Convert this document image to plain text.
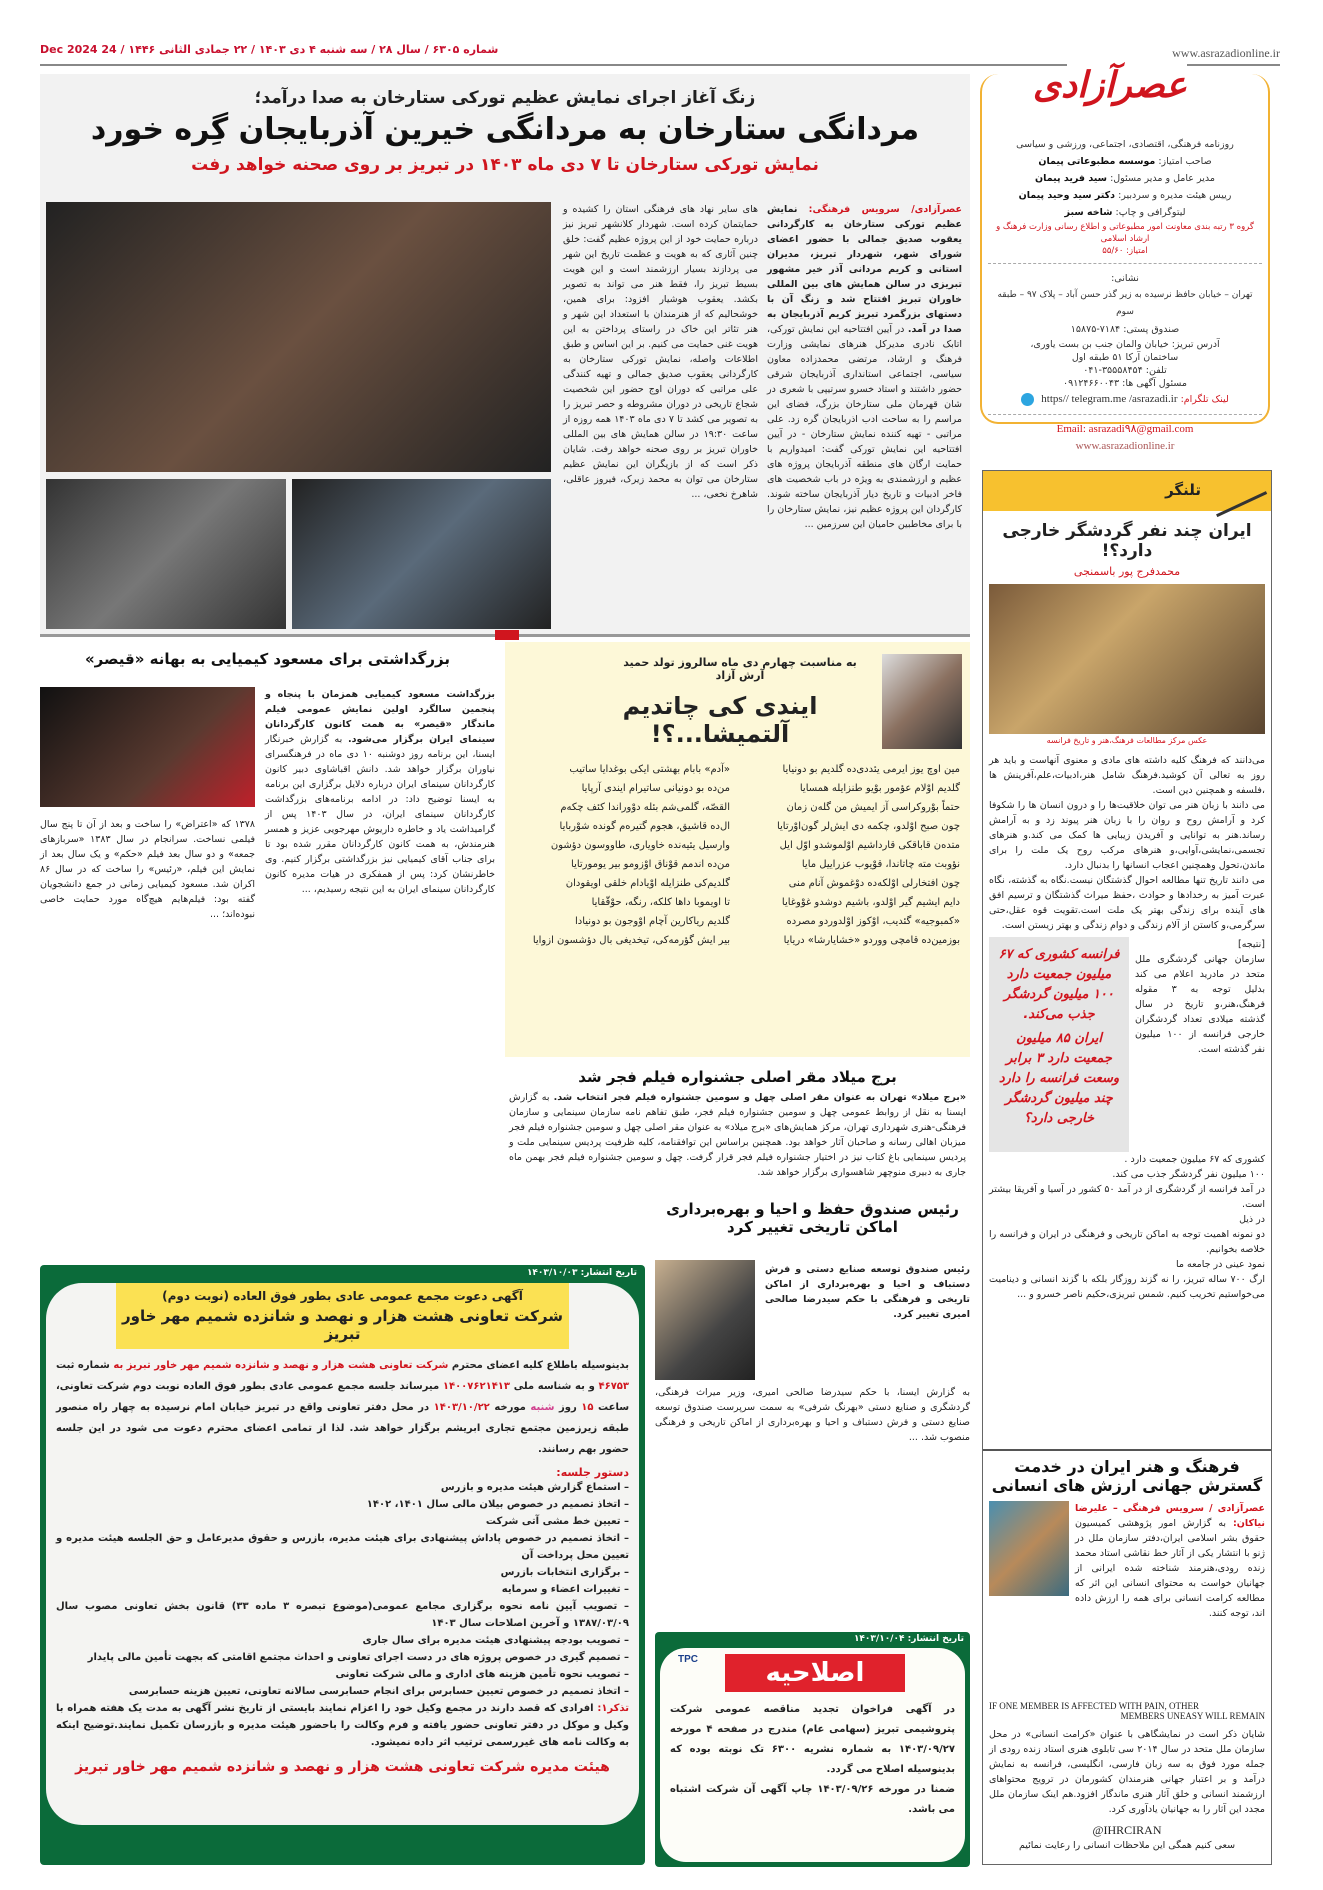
www.asrazadionline.ir
شماره ۶۳۰۵ / سال ۲۸ / سه شنبه ۴ دی ۱۴۰۳ / ۲۲ جمادی الثانی ۱۴۴۶ / 24 Dec 2024
عصرآزادی
روزنامه فرهنگی، اقتصادی، اجتماعی، ورزشی و سیاسی
صاحب امتیاز: موسسه مطبوعاتی پیمان
مدیر عامل و مدیر مسئول: سید فرید پیمان
رییس هیئت مدیره و سردبیر: دکتر سید وحید پیمان
لیتوگرافی و چاپ: شاخه سبز
گروه ۳ رتبه بندی معاونت امور مطبوعاتی و اطلاع رسانی وزارت فرهنگ و ارشاد اسلامی
امتیاز: ۵۵/۶۰
نشانی:
تهران – خیابان حافظ نرسیده به زیر گذر حسن آباد – پلاک ۹۷ – طبقه سوم
صندوق پستی: ۷۱۸۴-۱۵۸۷۵
آدرس تبریز: خیابان والمان جنب بن بست یاوری،
ساختمان آرکا ۵۱ طبقه اول
تلفن: ۳۵۵۵۸۴۵۴-۰۴۱
مسئول آگهی ها: ۰۹۱۲۴۶۶۰۰۴۳
لینک تلگرام: https// telegram.me /asrazadi.ir
Email: asrazadi۹۸@gmail.com
www.asrazadionline.ir
تلنگر
ایران چند نفر گردشگر خارجی دارد؟!
محمدفرج پور باسمنجی
عکس مرکز مطالعات فرهنگ،هنر و تاریخ فرانسه

می‌دانند که فرهنگ کلیه داشته های مادی و معنوی آنهاست و باید هر روز به تعالی آن کوشید.فرهنگ شامل هنر،ادبیات،علم،آفرینش ها ،فلسفه و همچنین دین است.

می دانند با زبان هنر می توان خلاقیت‌ها را و درون انسان ها را شکوفا کرد و آرامش روح و روان را با زبان هنر پیوند زد و به آرامش رساند.هنر به توانایی و آفریدن زیبایی ها کمک می کند.و هنرهای تجسمی،نمایشی،آوایی،و هنرهای مرکب روح یک ملت را برای ماندن،تحول وهمچنین اعجاب انسانها را بدنبال دارد.

می دانند تاریخ تنها مطالعه احوال گذشتگان نیست.نگاه به گذشته، نگاه عبرت آمیز به رخدادها و حوادث ،حفظ میراث گذشتگان و ترسیم افق های آینده برای زندگی بهتر یک ملت است.تقویت قوه عقل،حتی سرگرمی،و کاستن از آلام زندگی و دوام زندگی و بهتر زیستن است.

[نتیجه]

سازمان جهانی گردشگری ملل متحد در مادرید اعلام می کند بدلیل توجه به ۳ مقوله فرهنگ،هنر،و تاریخ در سال گذشته میلادی تعداد گردشگران خارجی فرانسه از ۱۰۰ میلیون نفر گذشته است.

فرانسه کشوری که ۶۷ میلیون جمعیت دارد ۱۰۰ میلیون گردشگر جذب می‌کند.
ایران ۸۵ میلیون جمعیت دارد ۳ برابر وسعت فرانسه را دارد چند میلیون گردشگر خارجی دارد؟

کشوری که ۶۷ میلیون جمعیت دارد .

۱۰۰ میلیون نفر گردشگر جذب می کند.

در آمد فرانسه از گردشگری از در آمد ۵۰ کشور در آسیا و آفریقا بیشتر است.

در ذیل

دو نمونه اهمیت توجه به اماکن تاریخی و فرهنگی در ایران و فرانسه را خلاصه بخوانیم.

نمود عینی در جامعه ما

ارگ ۷۰۰ ساله تبریز، را نه گزند روزگار بلکه با گزند انسانی و دینامیت می‌خواستیم تخریب کنیم. شمس تبریزی،حکیم ناصر خسرو و ...

فرهنگ و هنر ایران در خدمت گسترش جهانی ارزش های انسانی
عصرآزادی / سرویس فرهنگی – علیرضا نیاکان: به گزارش امور پژوهشی کمیسیون حقوق بشر اسلامی ایران،دفتر سازمان ملل در ژنو با انتشار یکی از آثار خط نقاشی استاد محمد زنده رودی،هنرمند شناخته شده ایرانی از جهانیان خواست به محتوای انسانی این اثر که مطالعه کرامت انسانی برای همه را ارزش داده اند، توجه کنند.
IF ONE MEMBER IS AFFECTED WITH PAIN, OTHER
MEMBERS UNEASY WILL REMAIN
شایان ذکر است در نمایشگاهی با عنوان «کرامت انسانی» در محل سازمان ملل متحد در سال ۲۰۱۴ سی تابلوی هنری استاد زنده رودی از جمله مورد فوق به سه زبان فارسی، انگلیسی، فرانسه به نمایش درآمد و بر اعتبار جهانی هنرمندان کشورمان در ترویج محتواهای ارزشمند انسانی و خلق آثار هنری ماندگار افزود.هم اینک سازمان ملل مجدد این آثار را به جهانیان یادآوری کرد.
IHRCIRAN@
سعی کنیم همگی این ملاحظات انسانی را رعایت نمائیم
زنگ آغاز اجرای نمایش عظیم تورکی ستارخان به صدا درآمد؛
مردانگی ستارخان به مردانگی خیرین آذربایجان گِره خورد
نمایش تورکی ستارخان تا ۷ دی ماه ۱۴۰۳ در تبریز بر روی صحنه خواهد رفت
عصرآزادی/ سرویس فرهنگی: نمایش عظیم تورکی ستارخان به کارگردانی یعقوب صدیق جمالی با حضور اعضای شورای شهر، شهردار تبریز، مدیران استانی و کریم مردانی آذر خیر مشهور تبریزی در سالن همایش های بین المللی خاوران تبریز افتتاح شد و زنگ آن با دستهای بزرگمرد تبریز کریم آذربایجان به صدا در آمد. در آیین افتتاحیه این نمایش تورکی، اتابک نادری مدیرکل هنرهای نمایشی وزارت فرهنگ و ارشاد، مرتضی محمدزاده معاون سیاسی، اجتماعی استانداری آذربایجان شرقی حضور داشتند و استاد خسرو سرتیپی با شعری در شان قهرمان ملی ستارخان بزرگ، فضای این مراسم را به ساحت ادب اذربایجان گره زد. علی مراتبی - تهیه کننده نمایش ستارخان - در آیین افتتاحیه این نمایش تورکی گفت: امیدواریم با حمایت ارگان های منطقه آذربایجان پروژه های عظیم و ارزشمندی به ویژه در باب شخصیت های فاخر ادبیات و تاریخ دیار آذربایجان ساخته شوند. کارگردان این پروژه عظیم نیز، نمایش ستارخان را با برای مخاطبین حامیان این سرزمین ...
های سایر نهاد های فرهنگی استان را کشیده و حمایتمان کرده است. شهردار کلانشهر تبریز نیز درباره حمایت خود از این پروژه عظیم گفت: خلق چنین آثاری که به هویت و عظمت تاریخ این شهر می پردازند بسیار ارزشمند است و این هویت بسیط تبریز را، فقط هنر می تواند به تصویر بکشد. یعقوب هوشیار افزود: برای همین، خوشحالیم که از هنرمندان با استعداد این شهر و هنر تئاتر این خاک در راستای پرداختن به این هویت غنی حمایت می کنیم. بر این اساس و طبق اطلاعات واصله، نمایش تورکی ستارخان به کارگردانی یعقوب صدیق جمالی و تهیه کنندگی علی مراتبی که دوران اوج حضور این شخصیت شجاع تاریخی در دوران مشروطه و حصر تبریز را به تصویر می کشد تا ۷ دی ماه ۱۴۰۳ همه روزه از ساعت ۱۹:۳۰ در سالن همایش های بین المللی خاوران تبریز بر روی صحنه خواهد رفت. شایان ذکر است که از بازیگران این نمایش عظیم ستارخان می توان به محمد زیرک، فیروز عاقلی، شاهرخ نخعی، ...
بزرگداشتی برای مسعود کیمیایی به بهانه «قیصر»
بزرگداشت مسعود کیمیایی همزمان با پنجاه و پنجمین سالگرد اولین نمایش عمومی فیلم ماندگار «قیصر» به همت کانون کارگردانان سینمای ایران برگزار می‌شود. به گزارش خبرنگار ایسنا، این برنامه روز دوشنبه ۱۰ دی ماه در فرهنگسرای نیاوران برگزار خواهد شد. دانش اقباشاوی دبیر کانون کارگردانان سینمای ایران درباره دلایل برگزاری این برنامه به ایسنا توضیح داد: در ادامه برنامه‌های بزرگداشت کارگردانان سینمای ایران، در سال ۱۴۰۳ پس از گرامیداشت یاد و خاطره داریوش مهرجویی عزیز و همسر هنرمندش، به همت کانون کارگردانان مقرر شده بود تا برای جناب آقای کیمیایی نیز بزرگداشتی برگزار کنیم. وی خاطرنشان کرد: پس از همفکری در هیات مدیره کانون کارگردانان سینمای ایران به این نتیجه رسیدیم، ...
۱۳۷۸ که «اعتراض» را ساخت و بعد از آن تا پنج سال فیلمی نساخت. سرانجام در سال ۱۳۸۳ «سربازهای جمعه» و دو سال بعد فیلم «حکم» و یک سال بعد از نمایش این فیلم، «رئیس» را ساخت که در سال ۸۶ اکران شد. مسعود کیمیایی زمانی در جمع دانشجویان گفته بود: فیلم‌هایم هیچ‌گاه مورد حمایت خاصی نبوده‌اند؛ ...
به مناسبت چهارم دی ماه سالروز تولد حمید آرش آزاد
ایندی کی چاتدیم آلتمیشا...؟!
مین اوچ یوز ایرمی یئددی‌ده گلدیم بو دونیایا
گلدیم اوْلام عؤمور بوْیو طنزایله همسایا
حتماً بوْروکراسی آز ایمیش من گله‌ن زمان
چون صبح اوْلدو، چکمه دی ایش‌لر گون‌اوْرتایا
متده‌ن قاباقکی قارداشیم اوْلموشدو اوّل ایل
نؤوبت مته چاتاندا، قوْیوب عزراییل مایا
چون افتخارلی اوْلکه‌ده دوْغموش آنام منی
دایم ایشیم گیر اوْلدو، باشیم دوشدو غوْوغایا
«کمبوجیه» گئدیب، اوْکوز اوْلدوردو مصرده
بوزمین‌ده قامچی ووردو «خشایارشا» دریایا
«آدم» بابام بهشتی ایکی بوغدایا ساتیب
من‌ده بو دونیانی ساتیرام ایندی آرپایا
القصّه، گلمی‌شم بئله دوْوراندا کئف چکه‌م
ال‌ده قاشیق، هجوم گتیره‌م گونده شوْربایا
وارسیل یئیه‌نده خاویاری، طاووسون دؤشون
من‌ده اندمم قوْناق اوْزومو بیر یومورتایا
گلدیم‌کی طنزایله اوْیادام خلقی اویقودان
تا اویموبا داها کلکه، رنگه، حوْقّقایا
گلدیم ریاکارین آچام اوْوجون بو دونیادا
بیر ایش گؤرمه‌کی، تیخدیغی بال دؤشسون ازوایا
برج میلاد مقر اصلی جشنواره فیلم فجر شد
«برج میلاد» تهران به عنوان مقر اصلی چهل و سومین جشنواره فیلم فجر انتخاب شد. به گزارش ایسنا به نقل از روابط عمومی چهل و سومین جشنواره فیلم فجر، طبق تفاهم نامه سازمان سینمایی و سازمان فرهنگی-هنری شهرداری تهران، مرکز همایش‌های «برج میلاد» به عنوان مقر اصلی چهل و سومین جشنواره فیلم فجر میزبان اهالی رسانه و صاحبان آثار خواهد بود. همچنین براساس این توافقنامه، کلیه ظرفیت پردیس سینمایی ملت و پردیس سینمایی باغ کتاب نیز در اختیار جشنواره فیلم فجر قرار گرفت. چهل و سومین جشنواره فیلم فجر بهمن ماه جاری به دبیری منوچهر شاهسواری برگزار خواهد شد.
رئیس صندوق حفظ و احیا و بهره‌برداری اماکن تاریخی تغییر کرد
رئیس صندوق توسعه صنایع دستی و فرش دستباف و احیا و بهره‌برداری از اماکن تاریخی و فرهنگی با حکم سیدرضا صالحی امیری تغییر کرد.
به گزارش ایسنا، با حکم سیدرضا صالحی امیری، وزیر میراث فرهنگی، گردشگری و صنایع دستی «بهرنگ شرفی» به سمت سرپرست صندوق توسعه صنایع دستی و فرش دستباف و احیا و بهره‌برداری از اماکن تاریخی و فرهنگی منصوب شد. ...
تاریخ انتشار: ۱۴۰۳/۱۰/۰۳
آگهی دعوت مجمع عمومی عادی بطور فوق العاده (نوبت دوم)
شرکت تعاونی هشت هزار و نهصد و شانزده شمیم مهر خاور تبریز
بدینوسیله باطلاع کلیه اعضای محترم شرکت تعاونی هشت هزار و نهصد و شانزده شمیم مهر خاور تبریز به شماره ثبت ۴۶۷۵۳ و به شناسه ملی ۱۴۰۰۷۶۲۱۴۱۳ میرساند جلسه مجمع عمومی عادی بطور فوق العاده نوبت دوم شرکت تعاونی، ساعت ۱۵ روز شنبه مورخه ۱۴۰۳/۱۰/۲۲ در محل دفتر تعاونی واقع در تبریز خیابان امام نرسیده به چهار راه منصور طبقه زیرزمین مجتمع تجاری ابریشم برگزار خواهد شد. لذا از تمامی اعضای محترم دعوت می شود در این جلسه حضور بهم رسانند.
دستور جلسه:
– استماع گزارش هیئت مدیره و بازرس
– اتخاذ تصمیم در خصوص بیلان مالی سال ۱۴۰۱، ۱۴۰۲
– تعیین خط مشی آتی شرکت
– اتخاذ تصمیم در خصوص پاداش پیشنهادی برای هیئت مدیره، بازرس و حقوق مدیرعامل و حق الجلسه هیئت مدیره و تعیین محل پرداخت آن
– برگزاری انتخابات بازرس
– تغییرات اعضاء و سرمایه
– تصویب آیین نامه نحوه برگزاری مجامع عمومی(موضوع تبصره ۳ ماده ۳۳) قانون بخش تعاونی مصوب سال ۱۳۸۷/۰۳/۰۹ و آخرین اصلاحات سال ۱۴۰۳
– تصویب بودجه پیشنهادی هیئت مدیره برای سال جاری
– تصمیم گیری در خصوص پروژه های در دست اجرای تعاونی و احداث مجتمع اقامتی که بجهت تأمین مالی پایدار
– تصویب نحوه تأمین هزینه های اداری و مالی شرکت تعاونی
– اتخاذ تصمیم در خصوص تعیین حسابرس برای انجام حسابرسی سالانه تعاونی، تعیین هزینه حسابرسی
تذکر۱: افرادی که قصد دارند در مجمع وکیل خود را اعزام نمایند بایستی از تاریخ نشر آگهی به مدت یک هفته همراه با وکیل و موکل در دفتر تعاونی حضور یافته و فرم وکالت را باحضور هیئت مدیره و بازرسان تکمیل نمایند.توضیح اینکه به وکالت نامه های غیررسمی ترتیب اثر داده نمیشود.
هیئت مدیره شرکت تعاونی هشت هزار و نهصد و شانزده شمیم مهر خاور تبریز
تاریخ انتشار: ۱۴۰۳/۱۰/۰۴
اصلاحیه
TPC
در آگهی فراخوان تجدید مناقصه عمومی شرکت پتروشیمی تبریز (سهامی عام) مندرج در صفحه ۴ مورخه ۱۴۰۳/۰۹/۲۷ به شماره نشریه ۶۳۰۰ تک نوبته بوده که بدینوسیله اصلاح می گردد.
ضمنا در مورخه ۱۴۰۳/۰۹/۲۶ چاپ آگهی آن شرکت اشتباه می باشد.
